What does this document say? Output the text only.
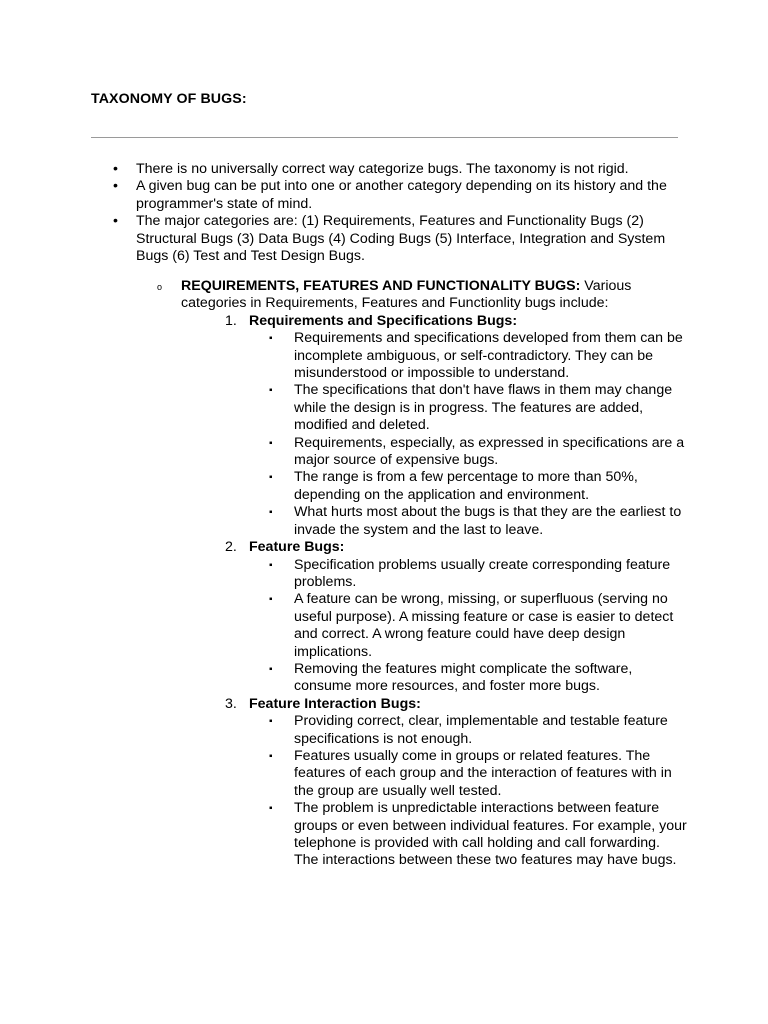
TAXONOMY OF BUGS:
• There is no universally correct way categorize bugs. The taxonomy is not rigid.
• A given bug can be put into one or another category depending on its history and the programmer's state of mind.
• The major categories are: (1) Requirements, Features and Functionality Bugs (2) Structural Bugs (3) Data Bugs (4) Coding Bugs (5) Interface, Integration and System Bugs (6) Test and Test Design Bugs.
o REQUIREMENTS, FEATURES AND FUNCTIONALITY BUGS: Various categories in Requirements, Features and Functionlity bugs include:
1. Requirements and Specifications Bugs:
▪ Requirements and specifications developed from them can be incomplete ambiguous, or self-contradictory. They can be misunderstood or impossible to understand.
▪ The specifications that don't have flaws in them may change while the design is in progress. The features are added, modified and deleted.
▪ Requirements, especially, as expressed in specifications are a major source of expensive bugs.
▪ The range is from a few percentage to more than 50%, depending on the application and environment.
▪ What hurts most about the bugs is that they are the earliest to invade the system and the last to leave.
2. Feature Bugs:
▪ Specification problems usually create corresponding feature problems.
▪ A feature can be wrong, missing, or superfluous (serving no useful purpose). A missing feature or case is easier to detect and correct. A wrong feature could have deep design implications.
▪ Removing the features might complicate the software, consume more resources, and foster more bugs.
3. Feature Interaction Bugs:
▪ Providing correct, clear, implementable and testable feature specifications is not enough.
▪ Features usually come in groups or related features. The features of each group and the interaction of features with in the group are usually well tested.
▪ The problem is unpredictable interactions between feature groups or even between individual features. For example, your telephone is provided with call holding and call forwarding. The interactions between these two features may have bugs.
